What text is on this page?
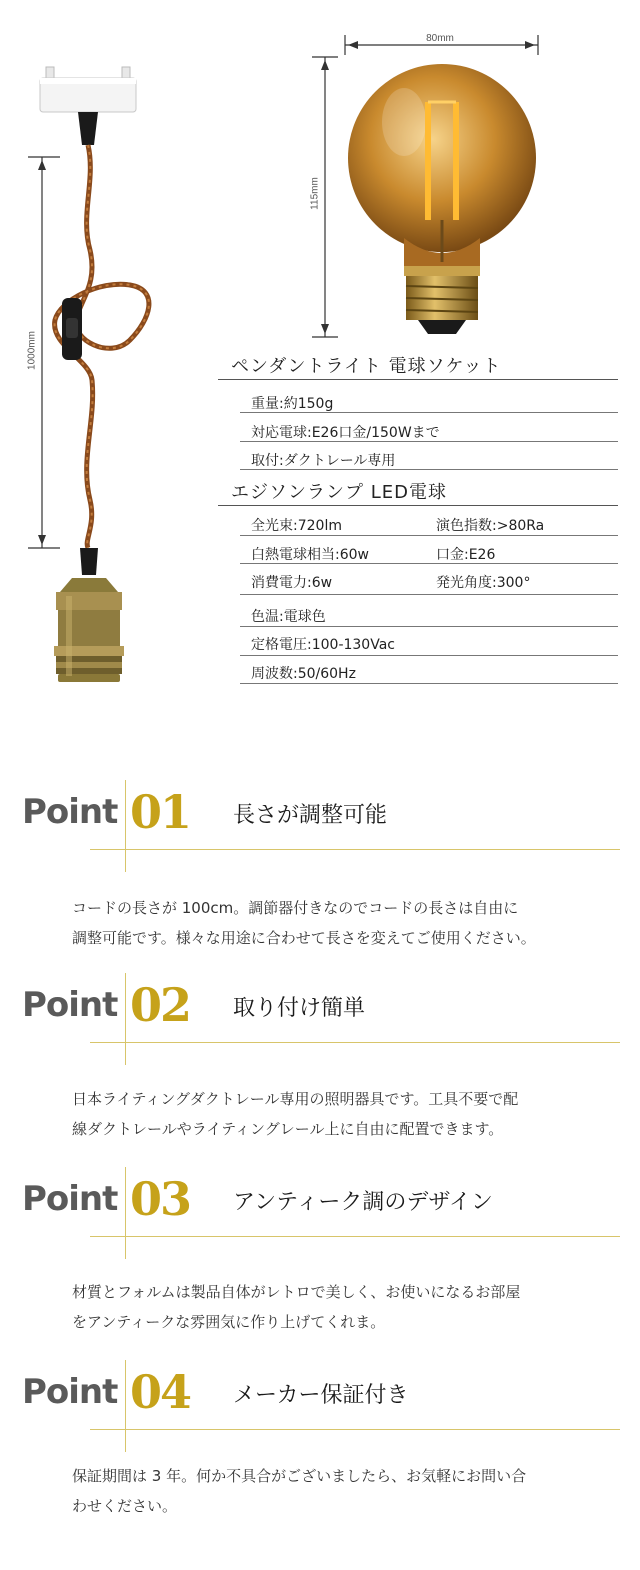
1000mm
80mm
115mm
ペンダントライト 電球ソケット
重量:約150g
対応電球:E26口金/150Wまで
取付:ダクトレール専用
エジソンランプ LED電球
全光束:720lm	演色指数:>80Ra
白熱電球相当:60w	口金:E26
消費電力:6w	発光角度:300°
色温:電球色
定格電圧:100-130Vac
周波数:50/60Hz
Point 01 長さが調整可能
コードの長さが 100cm。調節器付きなのでコードの長さは自由に
調整可能です。様々な用途に合わせて長さを変えてご使用ください。
Point 02 取り付け簡単
日本ライティングダクトレール専用の照明器具です。工具不要で配
線ダクトレールやライティングレール上に自由に配置できます。
Point 03 アンティーク調のデザイン
材質とフォルムは製品自体がレトロで美しく、お使いになるお部屋
をアンティークな雰囲気に作り上げてくれま。
Point 04 メーカー保証付き
保証期間は 3 年。何か不具合がございましたら、お気軽にお問い合
わせください。
